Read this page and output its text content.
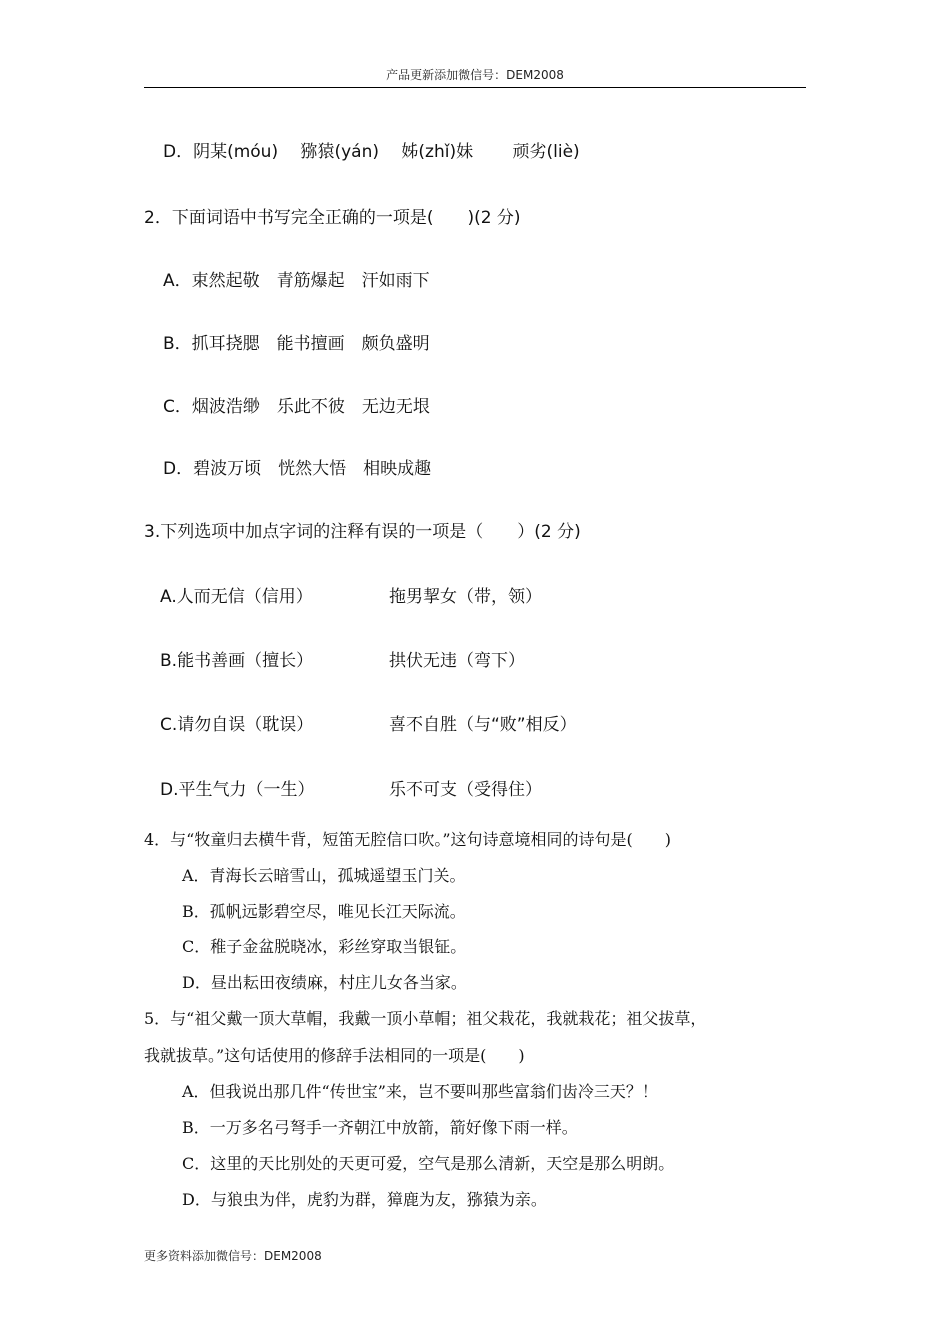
产品更新添加微信号：DEM2008
D．阴某(móu)　 猕猿(yán)　 姊(zhǐ)妹　　 顽劣(liè)
2．下面词语中书写完全正确的一项是(　　)(2 分)
A．束然起敬　青筋爆起　汗如雨下
B．抓耳挠腮　能书擅画　颇负盛明
C．烟波浩缈　乐此不彼　无边无垠
D．碧波万顷　恍然大悟　相映成趣
3.下列选项中加点字词的注释有误的一项是（　　）(2 分)
A.人而无信（信用）	拖男挈女（带，领）
B.能书善画（擅长）	拱伏无违（弯下）
C.请勿自误（耽误）	喜不自胜（与“败”相反）
D.平生气力（一生）	乐不可支（受得住）
4．与“牧童归去横牛背，短笛无腔信口吹。”这句诗意境相同的诗句是(　　)
A．青海长云暗雪山，孤城遥望玉门关。
B．孤帆远影碧空尽，唯见长江天际流。
C．稚子金盆脱晓冰，彩丝穿取当银钲。
D．昼出耘田夜绩麻，村庄儿女各当家。
5．与“祖父戴一顶大草帽，我戴一顶小草帽；祖父栽花，我就栽花；祖父拔草，
我就拔草。”这句话使用的修辞手法相同的一项是(　　)
A．但我说出那几件“传世宝”来，岂不要叫那些富翁们齿冷三天？！
B．一万多名弓弩手一齐朝江中放箭，箭好像下雨一样。
C．这里的天比别处的天更可爱，空气是那么清新，天空是那么明朗。
D．与狼虫为伴，虎豹为群，獐鹿为友，猕猿为亲。
更多资料添加微信号：DEM2008
